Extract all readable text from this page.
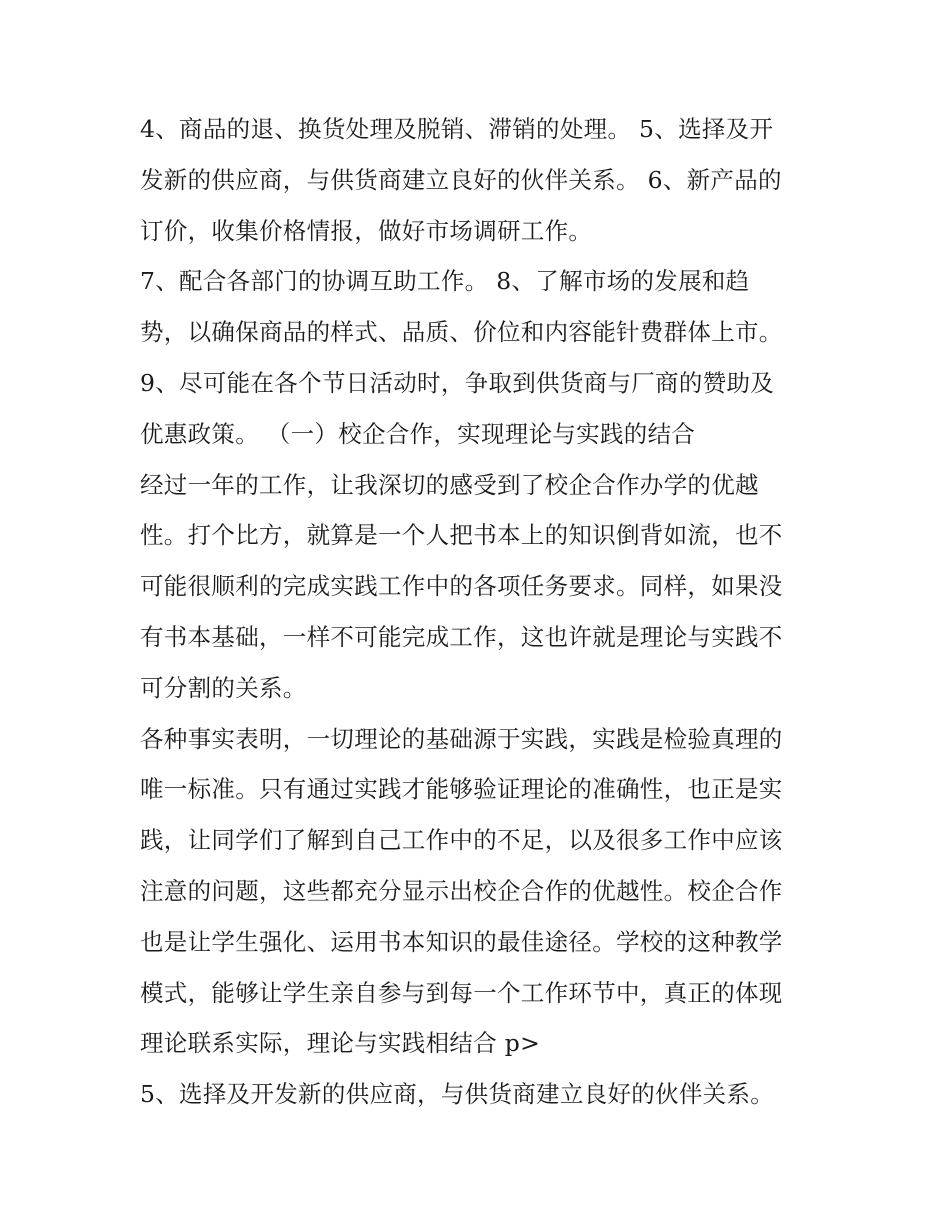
4、商品的退、换货处理及脱销、滞销的处理。 5、选择及开
发新的供应商，与供货商建立良好的伙伴关系。 6、新产品的
订价，收集价格情报，做好市场调研工作。
7、配合各部门的协调互助工作。 8、了解市场的发展和趋
势，以确保商品的样式、品质、价位和内容能针费群体上市。
9、尽可能在各个节日活动时，争取到供货商与厂商的赞助及
优惠政策。 （一）校企合作，实现理论与实践的结合
经过一年的工作，让我深切的感受到了校企合作办学的优越
性。打个比方，就算是一个人把书本上的知识倒背如流，也不
可能很顺利的完成实践工作中的各项任务要求。同样，如果没
有书本基础，一样不可能完成工作，这也许就是理论与实践不
可分割的关系。
各种事实表明，一切理论的基础源于实践，实践是检验真理的
唯一标准。只有通过实践才能够验证理论的准确性，也正是实
践，让同学们了解到自己工作中的不足，以及很多工作中应该
注意的问题，这些都充分显示出校企合作的优越性。校企合作
也是让学生强化、运用书本知识的最佳途径。学校的这种教学
模式，能够让学生亲自参与到每一个工作环节中，真正的体现
理论联系实际，理论与实践相结合 p>
5、选择及开发新的供应商，与供货商建立良好的伙伴关系。
